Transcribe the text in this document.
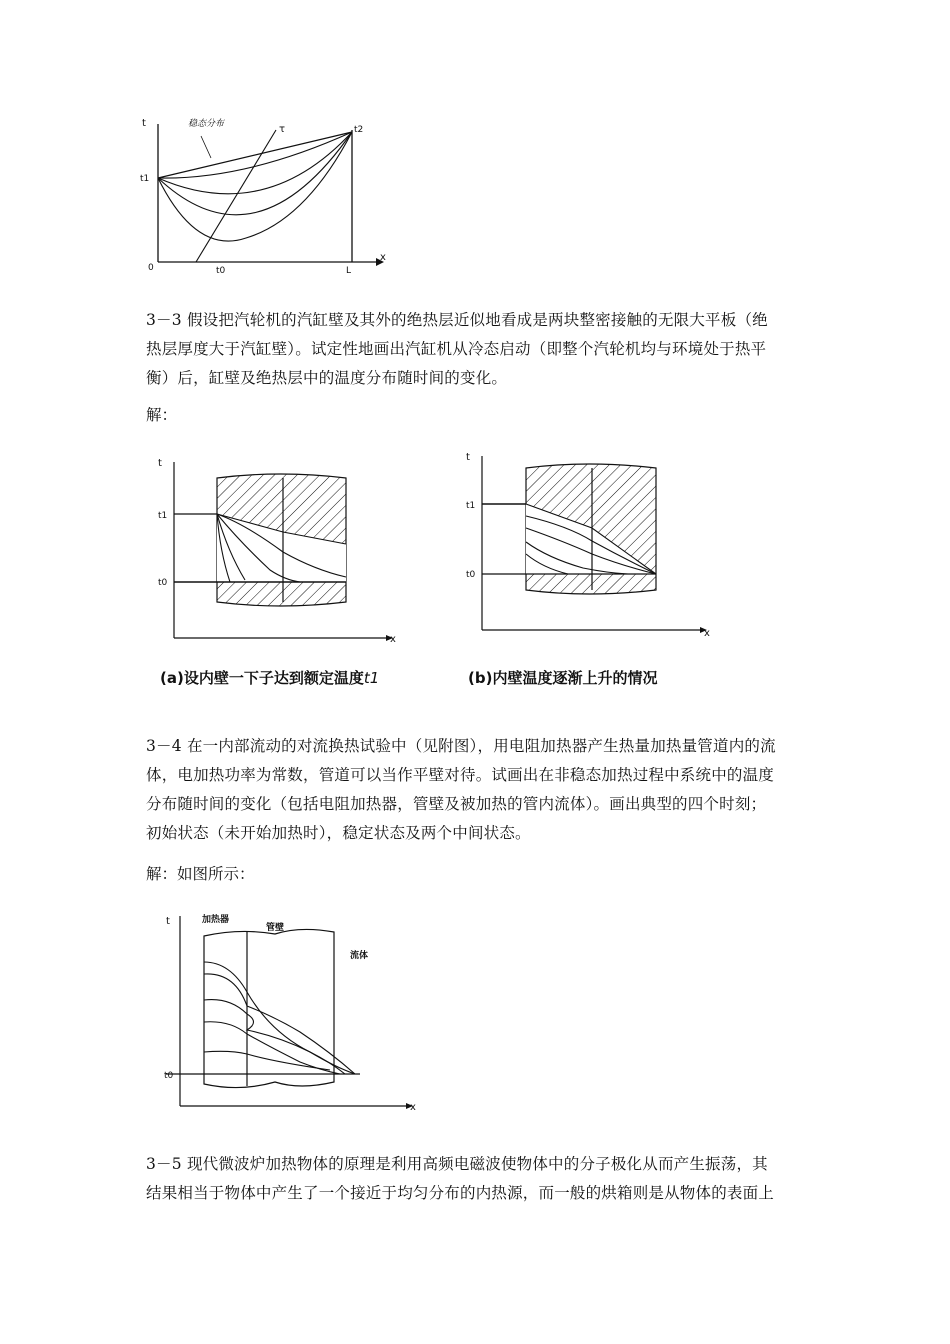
t
x
0
t1
t2
L
t0
τ
稳态分布
3－3 假设把汽轮机的汽缸壁及其外的绝热层近似地看成是两块整密接触的无限大平板（绝
热层厚度大于汽缸壁）。试定性地画出汽缸机从冷态启动（即整个汽轮机均与环境处于热平
衡）后，缸壁及绝热层中的温度分布随时间的变化。
解：
t
x
t1
t0
(a)设内壁一下子达到额定温度t1
t
x
t1
t0
(b)内壁温度逐渐上升的情况
3－4 在一内部流动的对流换热试验中（见附图），用电阻加热器产生热量加热量管道内的流
体，电加热功率为常数，管道可以当作平壁对待。试画出在非稳态加热过程中系统中的温度
分布随时间的变化（包括电阻加热器，管壁及被加热的管内流体）。画出典型的四个时刻；
初始状态（未开始加热时），稳定状态及两个中间状态。
解：如图所示：
t
x
t0
加热器
管壁
流体
3－5 现代微波炉加热物体的原理是利用高频电磁波使物体中的分子极化从而产生振荡，其
结果相当于物体中产生了一个接近于均匀分布的内热源，而一般的烘箱则是从物体的表面上
